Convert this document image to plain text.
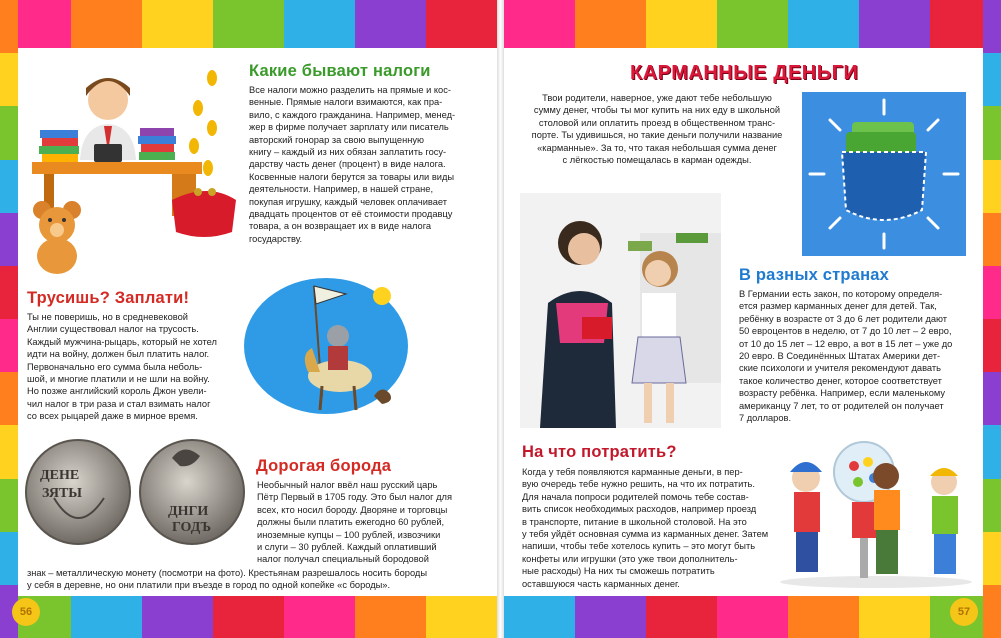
Какие бывают налоги
Все налоги можно разделить на прямые и кос-
венные. Прямые налоги взимаются, как пра-
вило, с каждого гражданина. Например, менед-
жер в фирме получает зарплату или писатель
авторский гонорар за свою выпущенную
книгу – каждый из них обязан заплатить госу-
дарству часть денег (процент) в виде налога.
Косвенные налоги берутся за товары или виды
деятельности. Например, в нашей стране,
покупая игрушку, каждый человек оплачивает
двадцать процентов от её стоимости продавцу
товара, а он возвращает их в виде налога
государству.
Трусишь? Заплати!
Ты не поверишь, но в средневековой
Англии существовал налог на трусость.
Каждый мужчина-рыцарь, который не хотел
идти на войну, должен был платить налог.
Первоначально его сумма была неболь-
шой, и многие платили и не шли на войну.
Но позже английский король Джон увели-
чил налог в три раза и стал взимать налог
со всех рыцарей даже в мирное время.
ДЕНЕ
ЗЯТЫ
ДНГИ
ГОДЪ
Дорогая борода
Необычный налог ввёл наш русский царь
Пётр Первый в 1705 году. Это был налог для
всех, кто носил бороду. Дворяне и торговцы
должны были платить ежегодно 60 рублей,
иноземные купцы – 100 рублей, извозчики
и слуги – 30 рублей. Каждый оплативший
налог получал специальный бородовой
знак – металлическую монету (посмотри на фото). Крестьянам разрешалось носить бороды
у себя в деревне, но они платили при въезде в город по одной копейке «с бороды».
56
КАРМАННЫЕ ДЕНЬГИ
Твои родители, наверное, уже дают тебе небольшую
сумму денег, чтобы ты мог купить на них еду в школьной
столовой или оплатить проезд в общественном транс-
порте. Ты удивишься, но такие деньги получили название
«карманные». За то, что такая небольшая сумма денег
с лёгкостью помещалась в карман одежды.
В разных странах
В Германии есть закон, по которому определя-
ется размер карманных денег для детей. Так,
ребёнку в возрасте от 3 до 6 лет родители дают
50 евроцентов в неделю, от 7 до 10 лет – 2 евро,
от 10 до 15 лет – 12 евро, а вот в 15 лет – уже до
20 евро. В Соединённых Штатах Америки дет-
ские психологи и учителя рекомендуют давать
такое количество денег, которое соответствует
возрасту ребёнка. Например, если маленькому
американцу 7 лет, то от родителей он получает
7 долларов.
На что потратить?
Когда у тебя появляются карманные деньги, в пер-
вую очередь тебе нужно решить, на что их потратить.
Для начала попроси родителей помочь тебе состав-
вить список необходимых расходов, например проезд
в транспорте, питание в школьной столовой. На это
у тебя уйдёт основная сумма из карманных денег. Затем
напиши, чтобы тебе хотелось купить – это могут быть
конфеты или игрушки (это уже твои дополнитель-
ные расходы) На них ты сможешь потратить
оставшуюся часть карманных денег.
57
